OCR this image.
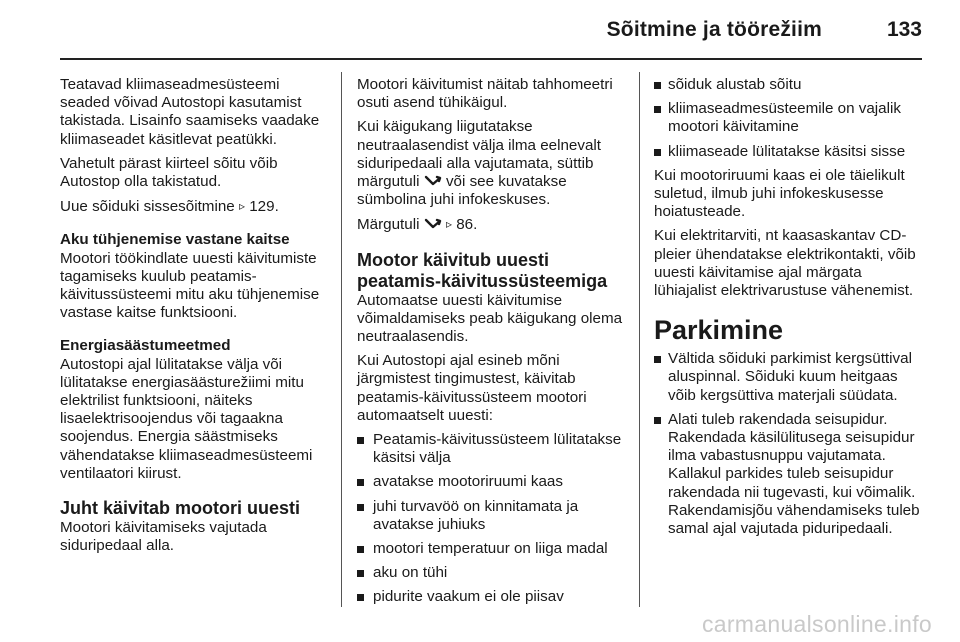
Sõitmine ja töörežiim	133

Teatavad kliimaseadmesüsteemi seaded võivad Autostopi kasutamist takistada. Lisainfo saamiseks vaadake kliimaseadet käsitlevat peatükki.

Vahetult pärast kiirteel sõitu võib Autostop olla takistatud.

Uue sõiduki sissesõitmine ▹ 129.

Aku tühjenemise vastane kaitse

Mootori töökindlate uuesti käivitumiste tagamiseks kuulub peatamis-käivitussüsteemi mitu aku tühjenemise vastase kaitse funktsiooni.

Energiasäästumeetmed

Autostopi ajal lülitatakse välja või lülitatakse energiasäästurežiimi mitu elektrilist funktsiooni, näiteks lisaelektrisoojendus või tagaakna soojendus. Energia säästmiseks vähendatakse kliimaseadmesüsteemi ventilaatori kiirust.

Juht käivitab mootori uuesti

Mootori käivitamiseks vajutada siduripedaal alla.

Mootori käivitumist näitab tahhomeetri osuti asend tühikäigul.

Kui käigukang liigutatakse neutraalasendist välja ilma eelnevalt siduripedaali alla vajutamata, süttib märgutuli või see kuvatakse sümbolina juhi infokeskuses.

Märgutuli ▹ 86.

Mootor käivitub uuesti peatamis-käivitussüsteemiga

Automaatse uuesti käivitumise võimaldamiseks peab käigukang olema neutraalasendis.

Kui Autostopi ajal esineb mõni järgmistest tingimustest, käivitab peatamis-käivitussüsteem mootori automaatselt uuesti:

Peatamis-käivitussüsteem lülitatakse käsitsi välja
avatakse mootoriruumi kaas
juhi turvavöö on kinnitamata ja avatakse juhiuks
mootori temperatuur on liiga madal
aku on tühi
pidurite vaakum ei ole piisav
sõiduk alustab sõitu
kliimaseadmesüsteemile on vajalik mootori käivitamine
kliimaseade lülitatakse käsitsi sisse

Kui mootoriruumi kaas ei ole täielikult suletud, ilmub juhi infokeskusesse hoiatusteade.

Kui elektritarviti, nt kaasaskantav CD-pleier ühendatakse elektrikontakti, võib uuesti käivitamise ajal märgata lühiajalist elektrivarustuse vähenemist.

Parkimine
Vältida sõiduki parkimist kergsüttival aluspinnal. Sõiduki kuum heitgaas võib kergsüttiva materjali süüdata.
Alati tuleb rakendada seisupidur. Rakendada käsilülitusega seisupidur ilma vabastusnuppu vajutamata. Kallakul parkides tuleb seisupidur rakendada nii tugevasti, kui võimalik. Rakendamisjõu vähendamiseks tuleb samal ajal vajutada piduripedaali.
carmanualsonline.info
